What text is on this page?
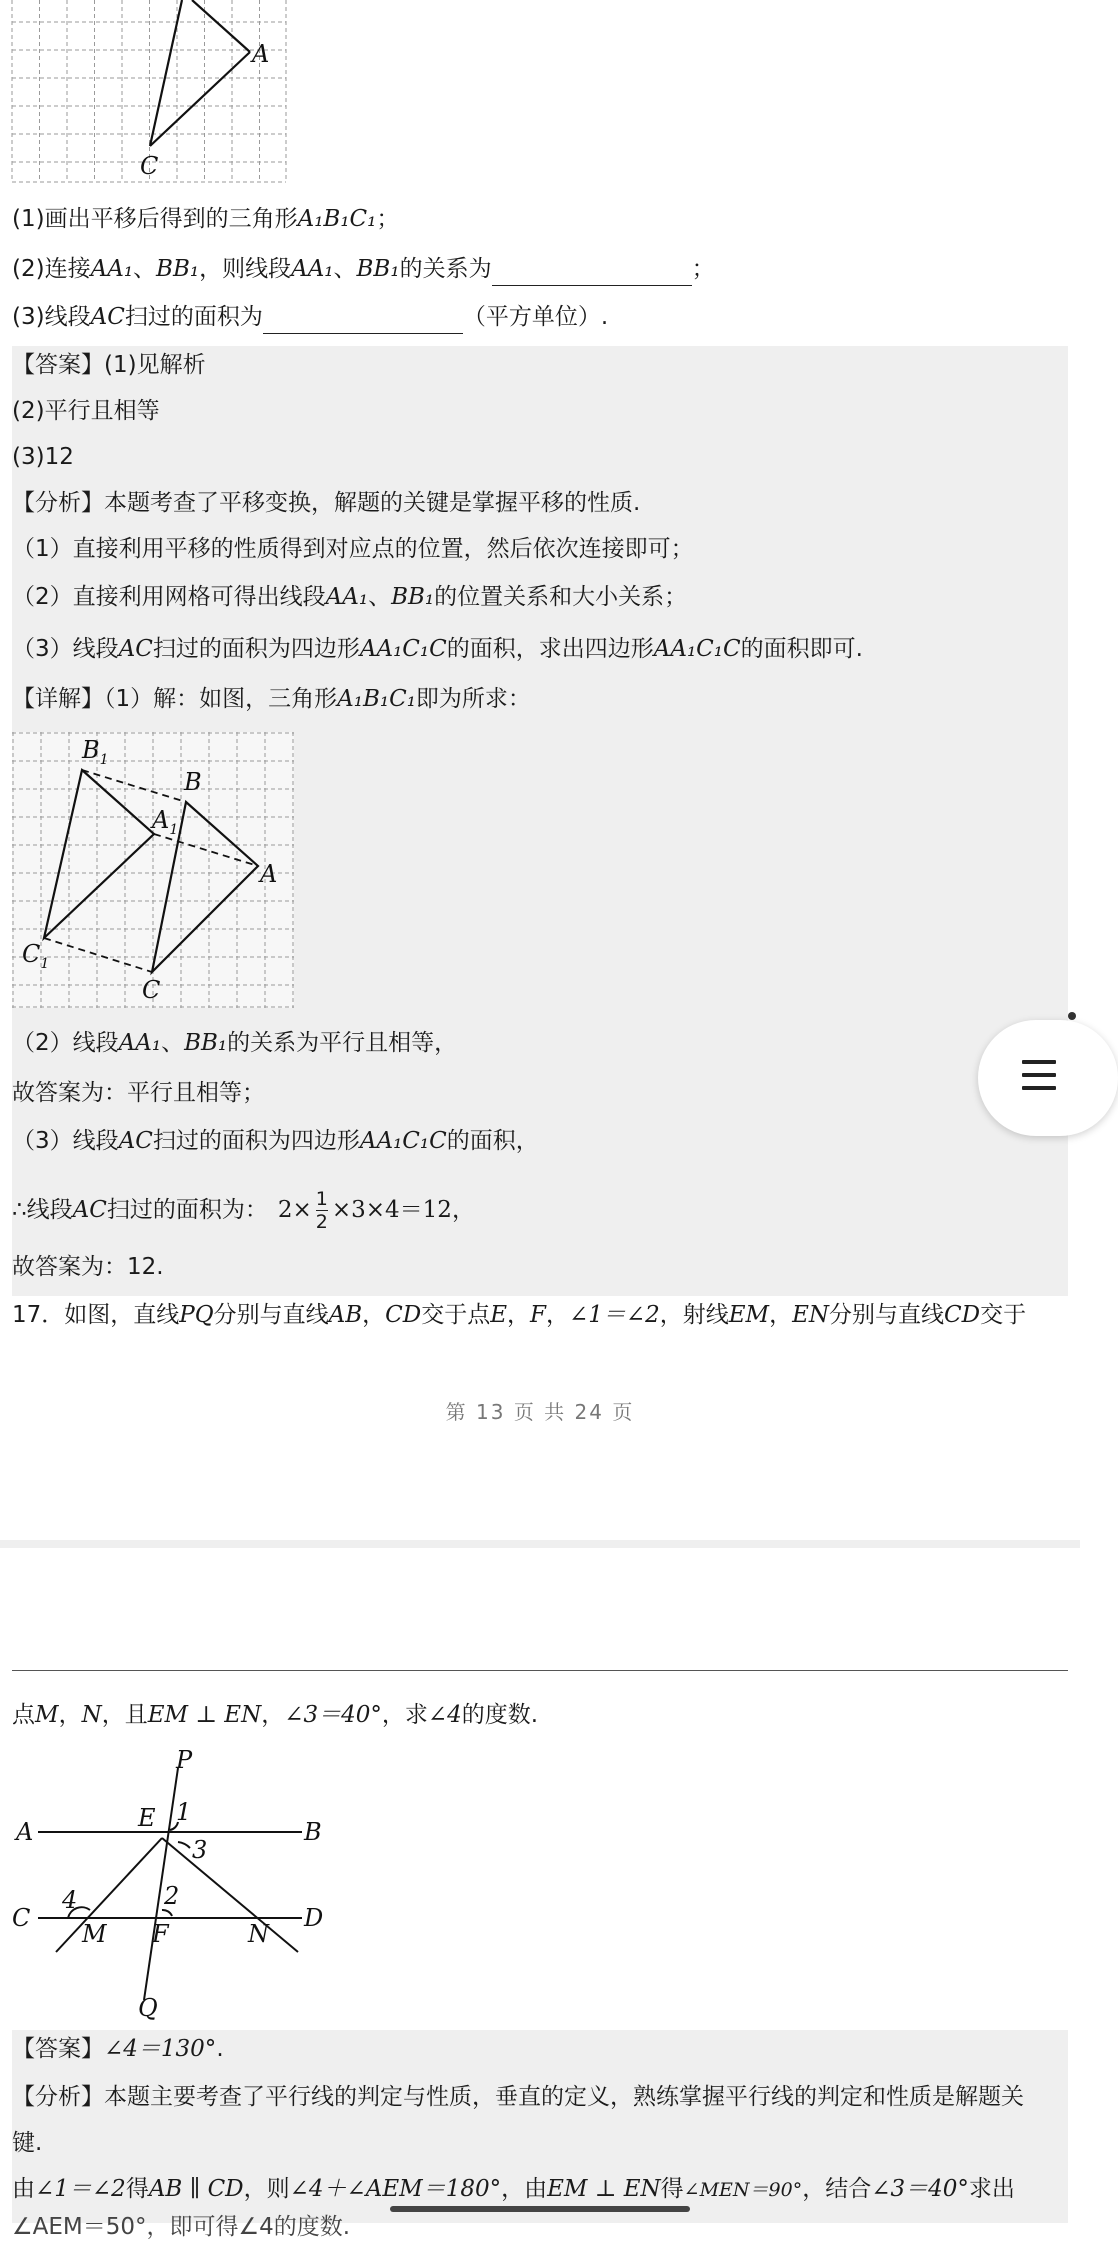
A
C
(1)画出平移后得到的三角形A₁B₁C₁；
(2)连接AA₁、BB₁，则线段AA₁、BB₁的关系为	；
(3)线段AC扫过的面积为	（平方单位）.
【答案】(1)见解析
(2)平行且相等
(3)12
【分析】本题考查了平移变换，解题的关键是掌握平移的性质.
（1）直接利用平移的性质得到对应点的位置，然后依次连接即可；
（2）直接利用网格可得出线段AA₁、BB₁的位置关系和大小关系；
（3）线段AC扫过的面积为四边形AA₁C₁C的面积，求出四边形AA₁C₁C的面积即可.
【详解】（1）解：如图，三角形A₁B₁C₁即为所求：
$B_1$
B
$A_1$
A
$C_1$
C
（2）线段AA₁、BB₁的关系为平行且相等，
故答案为：平行且相等；
（3）线段AC扫过的面积为四边形AA₁C₁C的面积，
∴线段AC扫过的面积为： $2\times \frac{1}{2} \times 3\times 4=12$，
故答案为：12.
17．如图，直线PQ分别与直线AB，CD交于点E，F，∠1＝∠2，射线EM，EN分别与直线CD交于
第 13 页 共 24 页
点M，N，且EM ⊥ EN，∠3＝40°，求∠4的度数.
P
A	E 1
B
3
4	2
C
M F	N
D
Q
【答案】∠4＝130°.
【分析】本题主要考查了平行线的判定与性质，垂直的定义，熟练掌握平行线的判定和性质是解题关
键.
由∠1＝∠2得AB ∥ CD，则∠4＋∠AEM＝180°，由EM ⊥ EN得∠MEN＝90°，结合∠3＝40°求出
∠AEM＝50°，即可得∠4的度数.
